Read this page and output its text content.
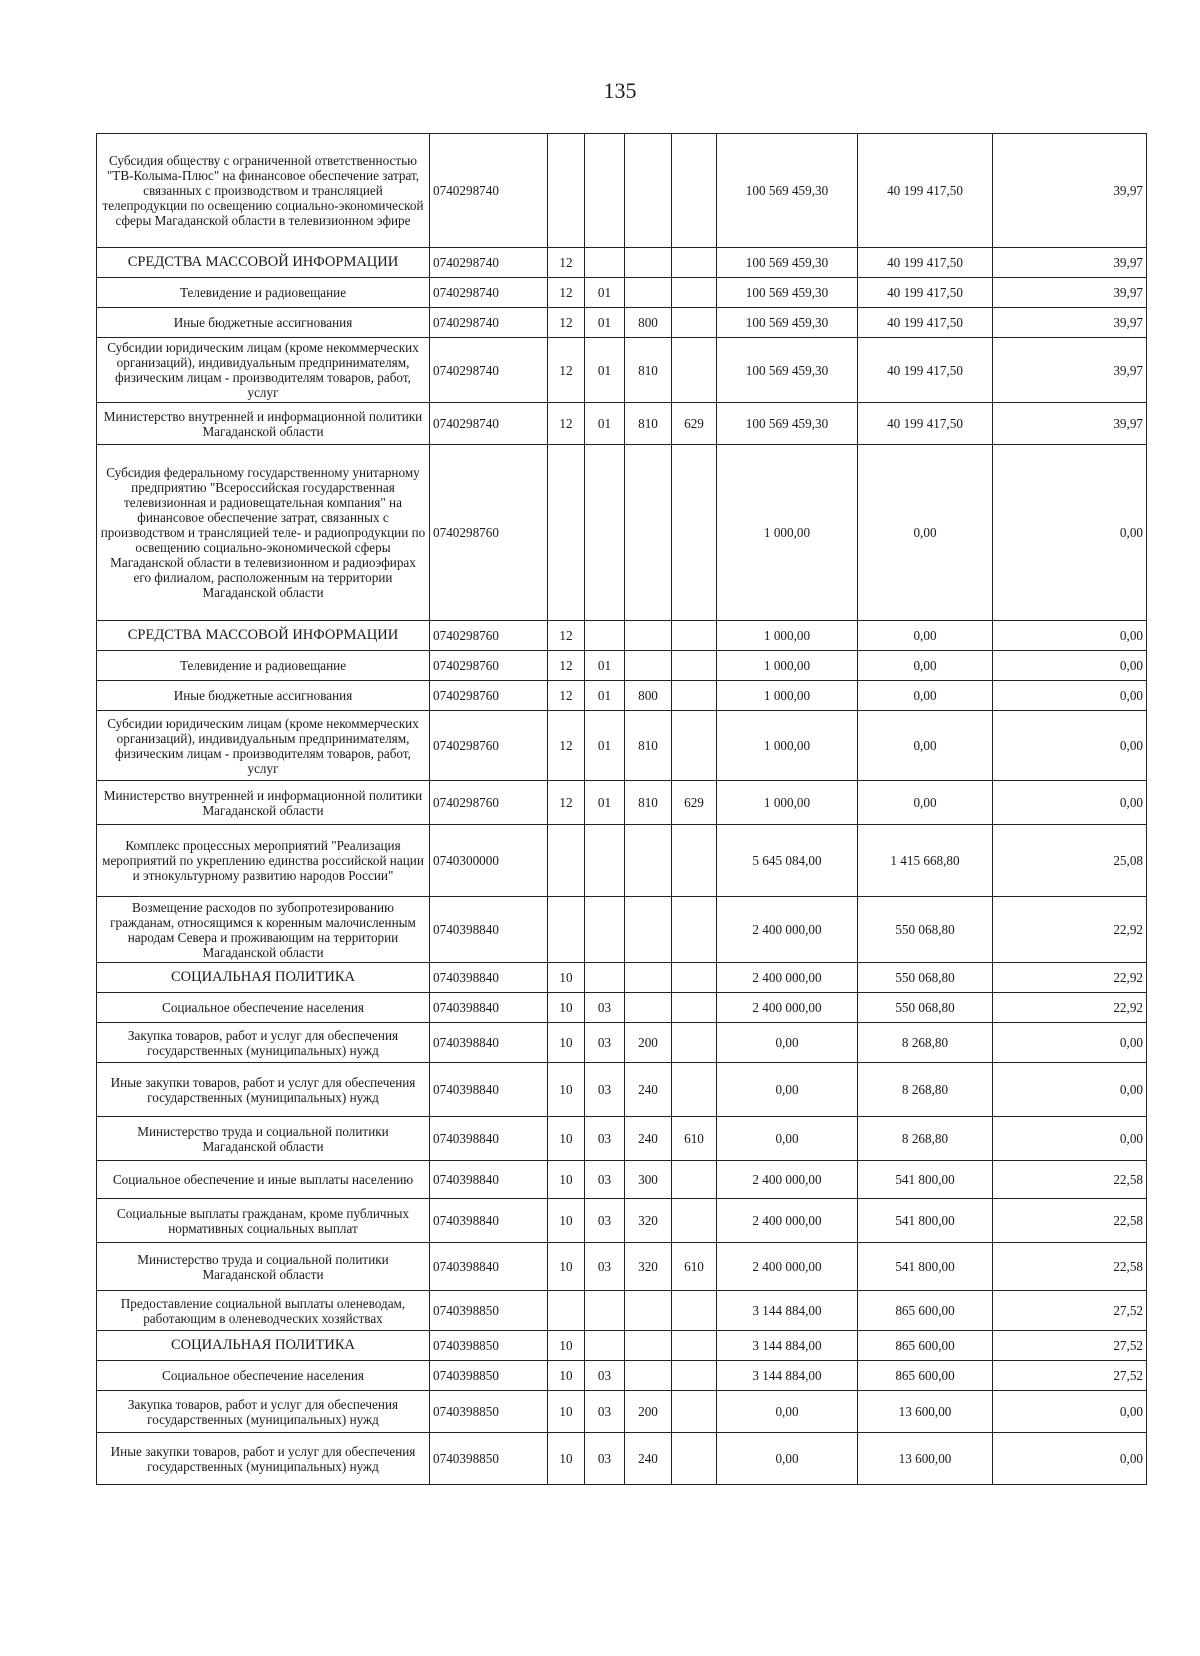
135
Субсидия обществу с ограниченной ответственностью "ТВ-Колыма-Плюс" на финансовое обеспечение затрат, связанных с производством и трансляцией телепродукции по освещению социально-экономической сферы Магаданской области в телевизионном эфире	0740298740					100 569 459,30	40 199 417,50	39,97
СРЕДСТВА МАССОВОЙ ИНФОРМАЦИИ	0740298740	12				100 569 459,30	40 199 417,50	39,97
Телевидение и радиовещание	0740298740	12	01			100 569 459,30	40 199 417,50	39,97
Иные бюджетные ассигнования	0740298740	12	01	800		100 569 459,30	40 199 417,50	39,97
Субсидии юридическим лицам (кроме некоммерческих организаций), индивидуальным предпринимателям, физическим лицам - производителям товаров, работ, услуг	0740298740	12	01	810		100 569 459,30	40 199 417,50	39,97
Министерство внутренней и информационной политики Магаданской области	0740298740	12	01	810	629	100 569 459,30	40 199 417,50	39,97
Субсидия федеральному государственному унитарному предприятию "Всероссийская государственная телевизионная и радиовещательная компания" на финансовое обеспечение затрат, связанных с производством и трансляцией теле- и радиопродукции по освещению социально-экономической сферы Магаданской области в телевизионном и радиоэфирах его филиалом, расположенным на территории Магаданской области	0740298760					1 000,00	0,00	0,00
СРЕДСТВА МАССОВОЙ ИНФОРМАЦИИ	0740298760	12				1 000,00	0,00	0,00
Телевидение и радиовещание	0740298760	12	01			1 000,00	0,00	0,00
Иные бюджетные ассигнования	0740298760	12	01	800		1 000,00	0,00	0,00
Субсидии юридическим лицам (кроме некоммерческих организаций), индивидуальным предпринимателям, физическим лицам - производителям товаров, работ, услуг	0740298760	12	01	810		1 000,00	0,00	0,00
Министерство внутренней и информационной политики Магаданской области	0740298760	12	01	810	629	1 000,00	0,00	0,00
Комплекс процессных мероприятий "Реализация мероприятий по укреплению единства российской нации и этнокультурному развитию народов России"	0740300000					5 645 084,00	1 415 668,80	25,08
Возмещение расходов по зубопротезированию гражданам, относящимся к коренным малочисленным народам Севера и проживающим на территории Магаданской области	0740398840					2 400 000,00	550 068,80	22,92
СОЦИАЛЬНАЯ ПОЛИТИКА	0740398840	10				2 400 000,00	550 068,80	22,92
Социальное обеспечение населения	0740398840	10	03			2 400 000,00	550 068,80	22,92
Закупка товаров, работ и услуг для обеспечения государственных (муниципальных) нужд	0740398840	10	03	200		0,00	8 268,80	0,00
Иные закупки товаров, работ и услуг для обеспечения государственных (муниципальных) нужд	0740398840	10	03	240		0,00	8 268,80	0,00
Министерство труда и социальной политики Магаданской области	0740398840	10	03	240	610	0,00	8 268,80	0,00
Социальное обеспечение и иные выплаты населению	0740398840	10	03	300		2 400 000,00	541 800,00	22,58
Социальные выплаты гражданам, кроме публичных нормативных социальных выплат	0740398840	10	03	320		2 400 000,00	541 800,00	22,58
Министерство труда и социальной политики Магаданской области	0740398840	10	03	320	610	2 400 000,00	541 800,00	22,58
Предоставление социальной выплаты оленеводам, работающим в оленеводческих хозяйствах	0740398850					3 144 884,00	865 600,00	27,52
СОЦИАЛЬНАЯ ПОЛИТИКА	0740398850	10				3 144 884,00	865 600,00	27,52
Социальное обеспечение населения	0740398850	10	03			3 144 884,00	865 600,00	27,52
Закупка товаров, работ и услуг для обеспечения государственных (муниципальных) нужд	0740398850	10	03	200		0,00	13 600,00	0,00
Иные закупки товаров, работ и услуг для обеспечения государственных (муниципальных) нужд	0740398850	10	03	240		0,00	13 600,00	0,00
